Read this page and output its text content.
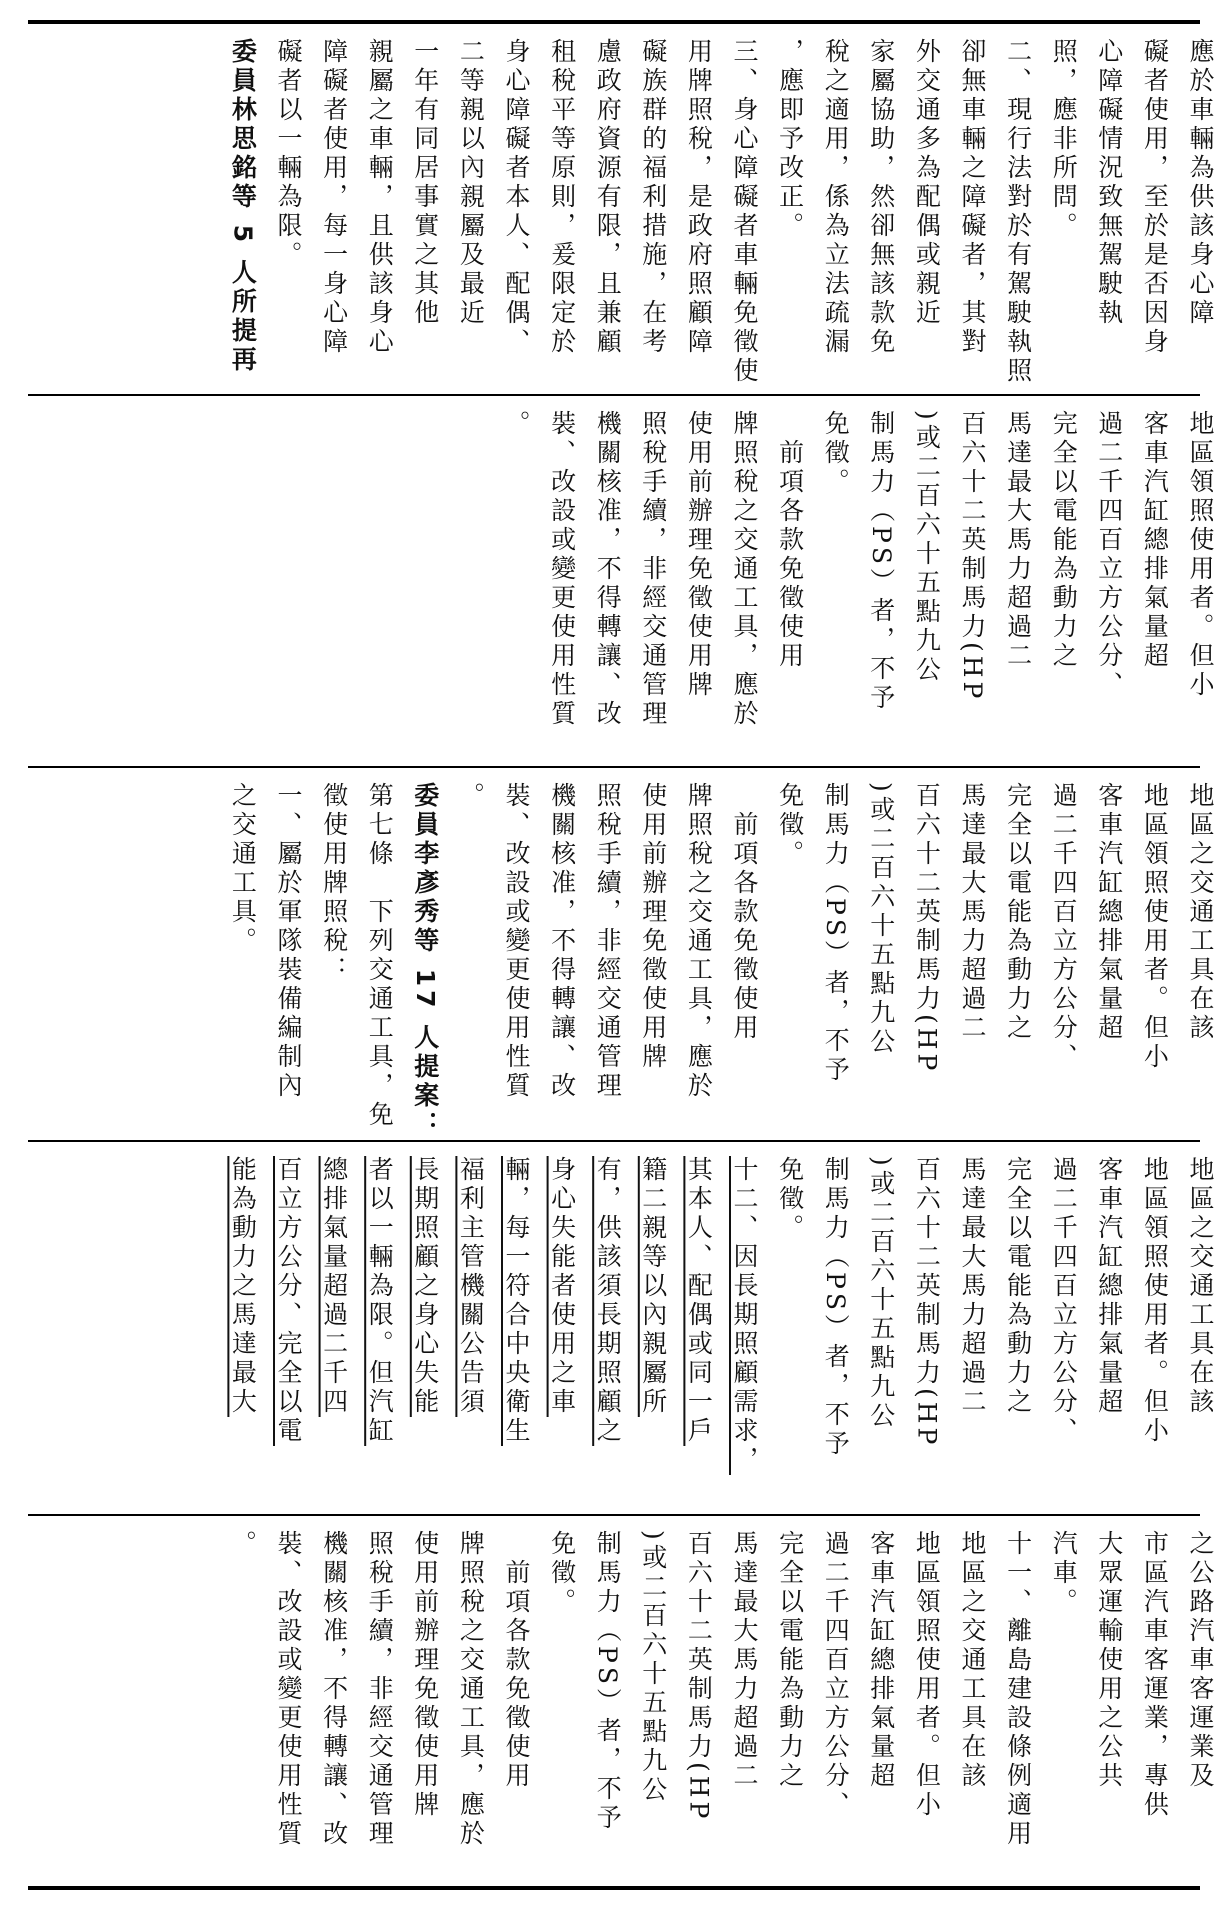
應於車輛為供該身心障
礙者使用，至於是否因身
心障礙情況致無駕駛執
照，應非所問。
二、現行法對於有駕駛執照
卻無車輛之障礙者，其對
外交通多為配偶或親近
家屬協助，然卻無該款免
稅之適用，係為立法疏漏
，應即予改正。
三、身心障礙者車輛免徵使
用牌照稅，是政府照顧障
礙族群的福利措施，在考
慮政府資源有限，且兼顧
租稅平等原則，爰限定於
身心障礙者本人、配偶、
二等親以內親屬及最近
一年有同居事實之其他
親屬之車輛，且供該身心
障礙者使用，每一身心障
礙者以一輛為限。
委員林思銘等 5 人所提再
地區領照使用者。但小
客車汽缸總排氣量超
過二千四百立方公分、
完全以電能為動力之
馬達最大馬力超過二
百六十二英制馬力(HP
)或二百六十五點九公
制馬力（PS）者，不予
免徵。
　前項各款免徵使用
牌照稅之交通工具，應於
使用前辦理免徵使用牌
照稅手續，非經交通管理
機關核准，不得轉讓、改
裝、改設或變更使用性質
。
地區之交通工具在該
地區領照使用者。但小
客車汽缸總排氣量超
過二千四百立方公分、
完全以電能為動力之
馬達最大馬力超過二
百六十二英制馬力(HP
)或二百六十五點九公
制馬力（PS）者，不予
免徵。
　前項各款免徵使用
牌照稅之交通工具，應於
使用前辦理免徵使用牌
照稅手續，非經交通管理
機關核准，不得轉讓、改
裝、改設或變更使用性質
。
委員李彥秀等 17 人提案：
第七條　下列交通工具，免
徵使用牌照稅：
一、屬於軍隊裝備編制內
之交通工具。
地區之交通工具在該
地區領照使用者。但小
客車汽缸總排氣量超
過二千四百立方公分、
完全以電能為動力之
馬達最大馬力超過二
百六十二英制馬力(HP
)或二百六十五點九公
制馬力（PS）者，不予
免徵。
十二、因長期照顧需求，
其本人、配偶或同一戶
籍二親等以內親屬所
有，供該須長期照顧之
身心失能者使用之車
輛，每一符合中央衛生
福利主管機關公告須
長期照顧之身心失能
者以一輛為限。但汽缸
總排氣量超過二千四
百立方公分、完全以電
能為動力之馬達最大
之公路汽車客運業及
市區汽車客運業，專供
大眾運輸使用之公共
汽車。
十一、離島建設條例適用
地區之交通工具在該
地區領照使用者。但小
客車汽缸總排氣量超
過二千四百立方公分、
完全以電能為動力之
馬達最大馬力超過二
百六十二英制馬力(HP
)或二百六十五點九公
制馬力（PS）者，不予
免徵。
　前項各款免徵使用
牌照稅之交通工具，應於
使用前辦理免徵使用牌
照稅手續，非經交通管理
機關核准，不得轉讓、改
裝、改設或變更使用性質
。
